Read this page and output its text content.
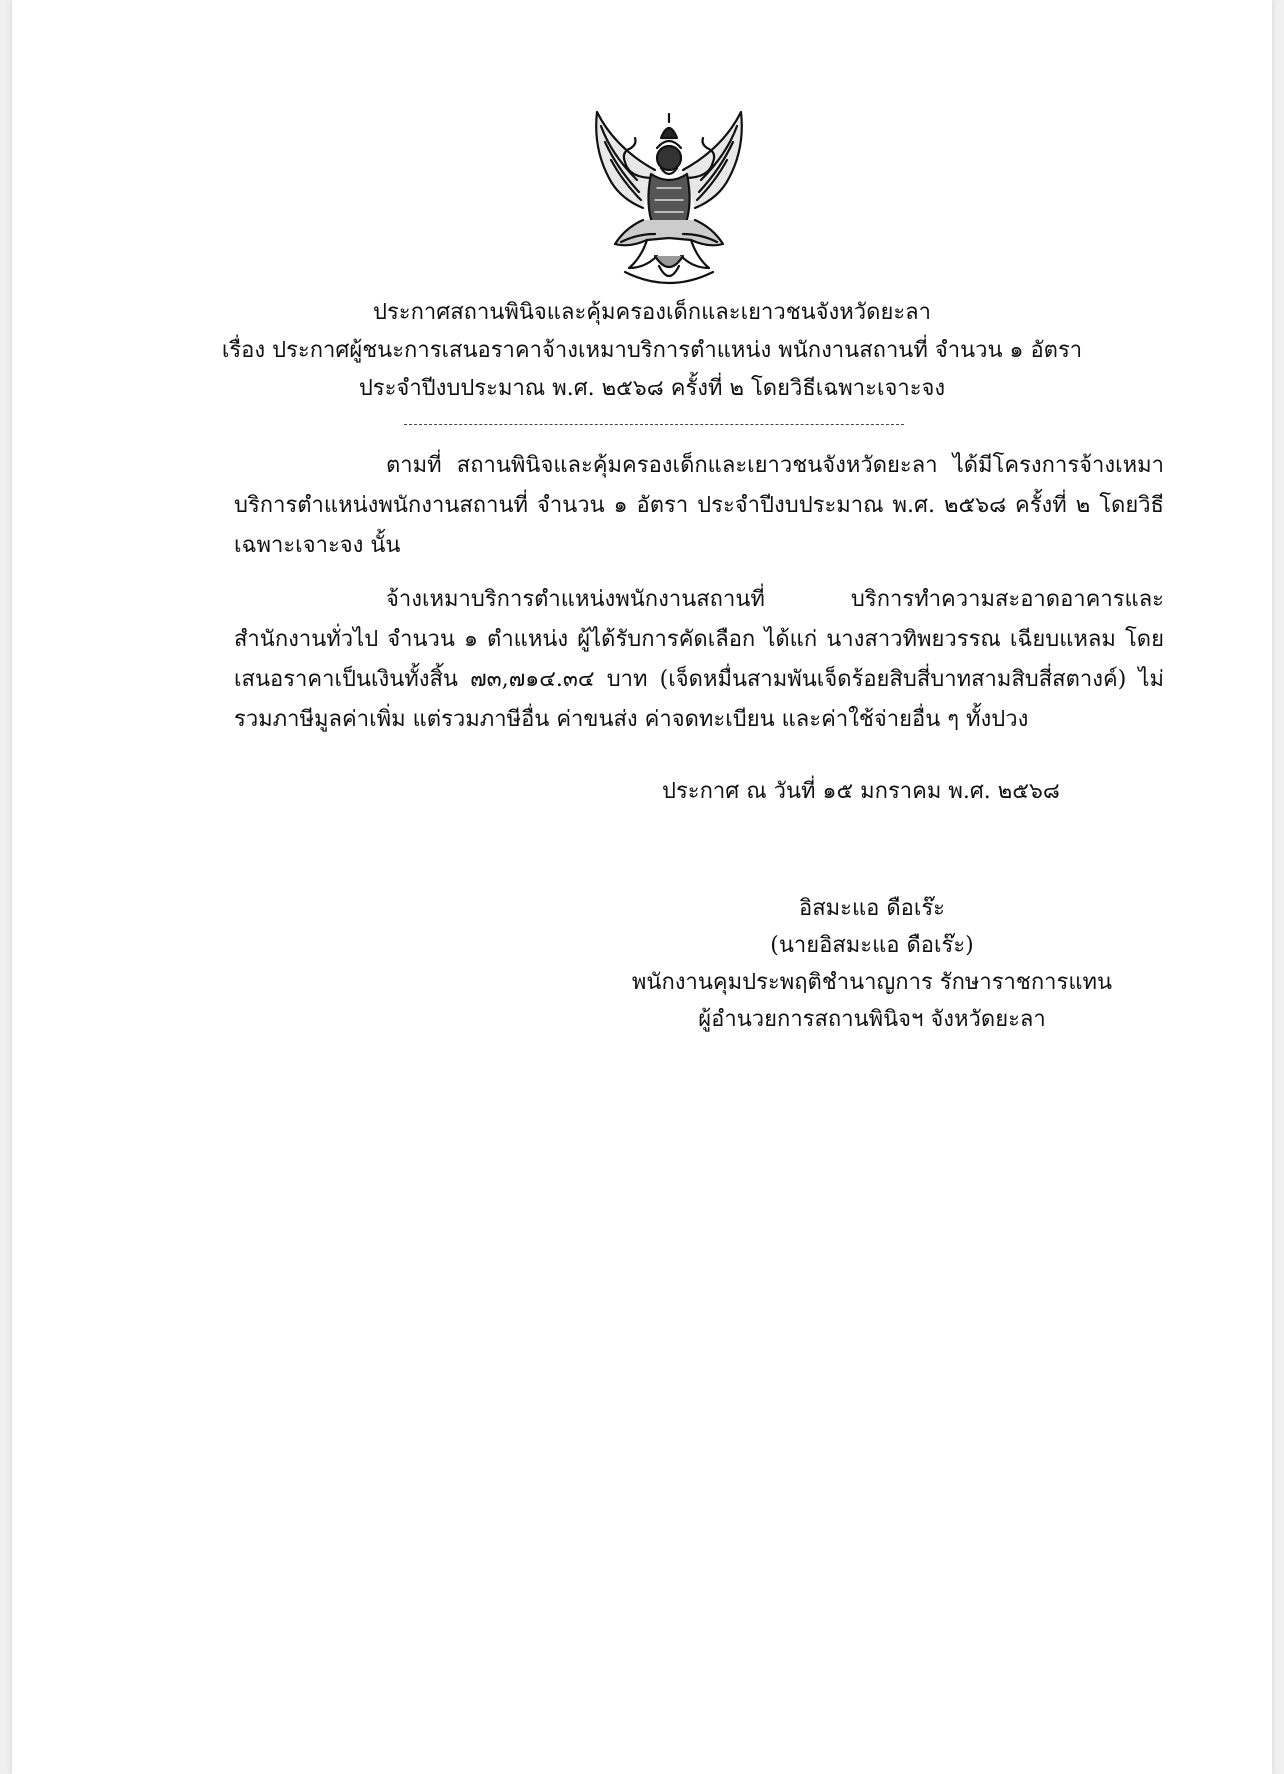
ประกาศสถานพินิจและคุ้มครองเด็กและเยาวชนจังหวัดยะลา
เรื่อง ประกาศผู้ชนะการเสนอราคาจ้างเหมาบริการตำแหน่ง พนักงานสถานที่ จำนวน ๑ อัตรา
ประจำปีงบประมาณ พ.ศ. ๒๕๖๘ ครั้งที่ ๒ โดยวิธีเฉพาะเจาะจง

ตามที่ สถานพินิจและคุ้มครองเด็กและเยาวชนจังหวัดยะลา ได้มีโครงการจ้างเหมาบริการตำแหน่งพนักงานสถานที่ จำนวน ๑ อัตรา ประจำปีงบประมาณ พ.ศ. ๒๕๖๘ ครั้งที่ ๒ โดยวิธีเฉพาะเจาะจง นั้น

จ้างเหมาบริการตำแหน่งพนักงานสถานที่ บริการทำความสะอาดอาคารและสำนักงานทั่วไป จำนวน ๑ ตำแหน่ง ผู้ได้รับการคัดเลือก ได้แก่ นางสาวทิพยวรรณ เฉียบแหลม โดยเสนอราคาเป็นเงินทั้งสิ้น ๗๓,๗๑๔.๓๔ บาท (เจ็ดหมื่นสามพันเจ็ดร้อยสิบสี่บาทสามสิบสี่สตางค์) ไม่รวมภาษีมูลค่าเพิ่ม แต่รวมภาษีอื่น ค่าขนส่ง ค่าจดทะเบียน และค่าใช้จ่ายอื่น ๆ ทั้งปวง

ประกาศ ณ วันที่ ๑๕ มกราคม พ.ศ. ๒๕๖๘
อิสมะแอ ดือเร๊ะ
(นายอิสมะแอ ดือเร๊ะ)
พนักงานคุมประพฤติชำนาญการ รักษาราชการแทน
ผู้อำนวยการสถานพินิจฯ จังหวัดยะลา
